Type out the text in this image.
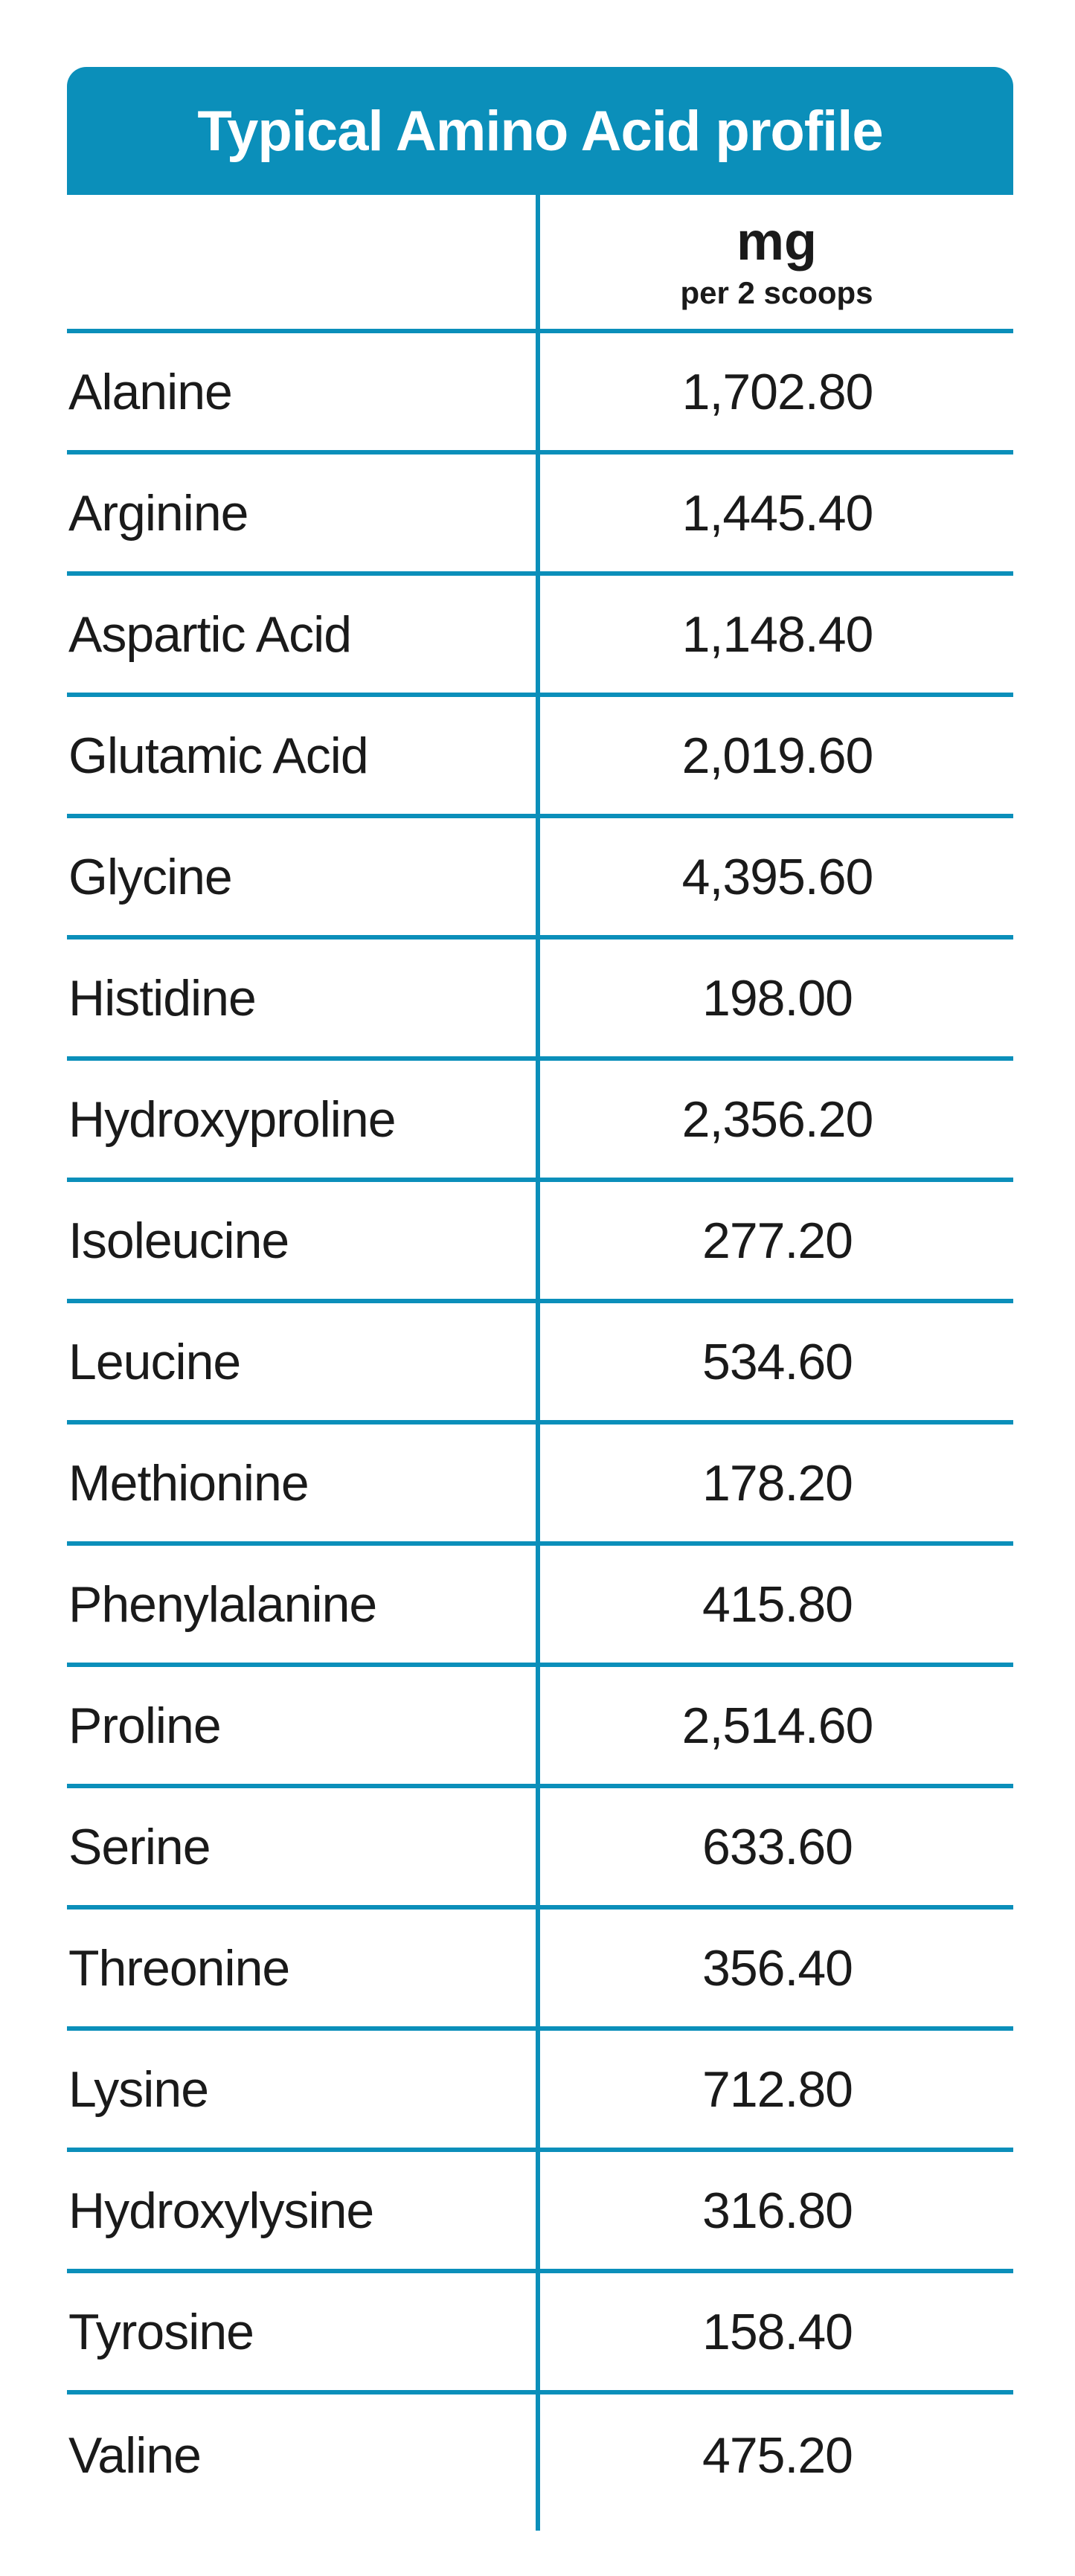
Typical Amino Acid profile
mg
per 2 scoops
Alanine	1,702.80
Arginine	1,445.40
Aspartic Acid	1,148.40
Glutamic Acid	2,019.60
Glycine	4,395.60
Histidine	198.00
Hydroxyproline	2,356.20
Isoleucine	277.20
Leucine	534.60
Methionine	178.20
Phenylalanine	415.80
Proline	2,514.60
Serine	633.60
Threonine	356.40
Lysine	712.80
Hydroxylysine	316.80
Tyrosine	158.40
Valine	475.20
